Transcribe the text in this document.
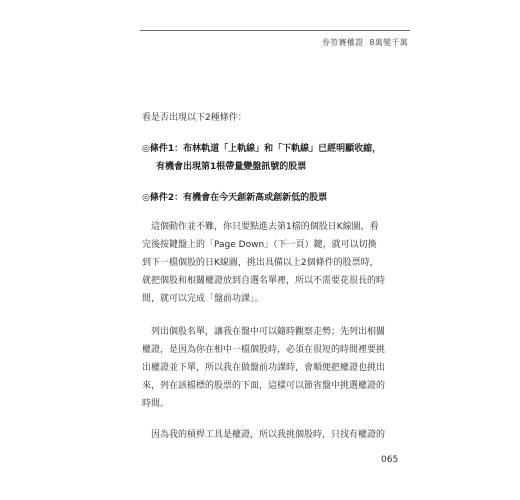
券勞賽權證 8萬變千萬
看是否出現以下2種條件：
◎條件1：布林軌道「上軌線」和「下軌線」已經明顯收縮，
有機會出現第1根帶量變盤訊號的股票
◎條件2：有機會在今天創新高或創新低的股票
這個動作並不難，你只要點進去第1檔的個股日K線圖，看
完後按鍵盤上的「Page Down」（下一頁）鍵，就可以切換
到下一檔個股的日K線圖，挑出具備以上2個條件的股票時，
就把個股和相關權證放到自選名單裡，所以不需要花很長的時
間，就可以完成「盤前功課」。
列出個股名單，讓我在盤中可以隨時觀察走勢；先列出相關
權證，是因為你在相中一檔個股時，必須在很短的時間裡要挑
出權證並下單，所以我在做盤前功課時，會順便把權證也挑出
來，列在該檔標的股票的下面，這樣可以節省盤中挑選權證的
時間。
因為我的槓桿工具是權證，所以我挑個股時，只找有權證的
065
